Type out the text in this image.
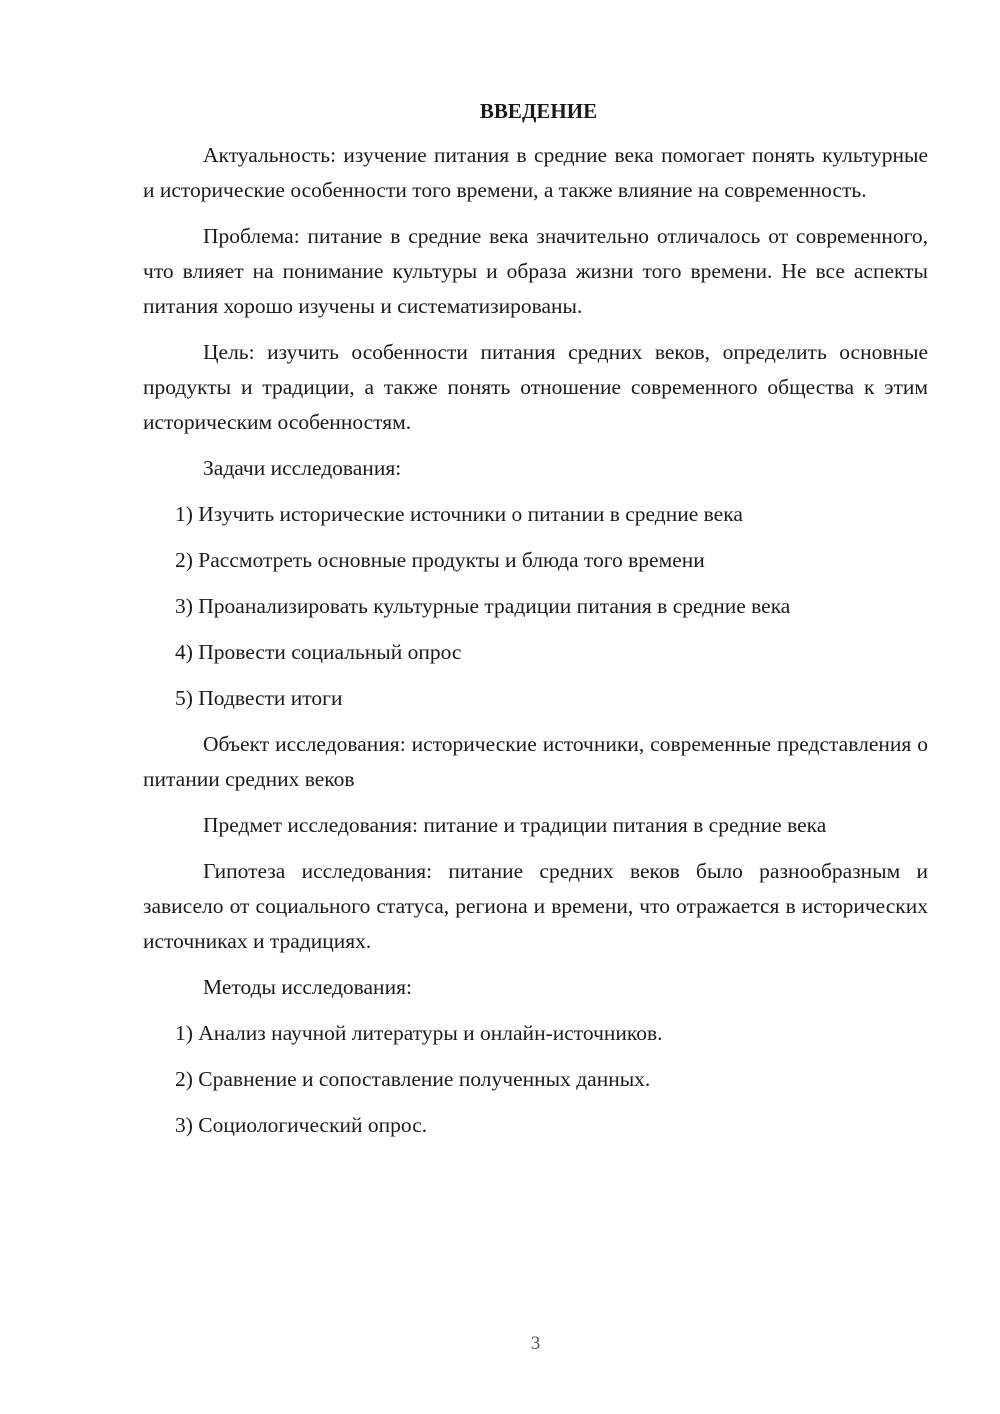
ВВЕДЕНИЕ

Актуальность: изучение питания в средние века помогает понять культурные и исторические особенности того времени, а также влияние на современность.

Проблема: питание в средние века значительно отличалось от современного, что влияет на понимание культуры и образа жизни того времени. Не все аспекты питания хорошо изучены и систематизированы.

Цель: изучить особенности питания средних веков, определить основные продукты и традиции, а также понять отношение современного общества к этим историческим особенностям.

Задачи исследования:

1) Изучить исторические источники о питании в средние века

2) Рассмотреть основные продукты и блюда того времени

3) Проанализировать культурные традиции питания в средние века

4) Провести социальный опрос

5) Подвести итоги

Объект исследования: исторические источники, современные представления о питании средних веков

Предмет исследования: питание и традиции питания в средние века

Гипотеза исследования: питание средних веков было разнообразным и зависело от социального статуса, региона и времени, что отражается в исторических источниках и традициях.

Методы исследования:

1) Анализ научной литературы и онлайн-источников.

2) Сравнение и сопоставление полученных данных.

3) Социологический опрос.

3
